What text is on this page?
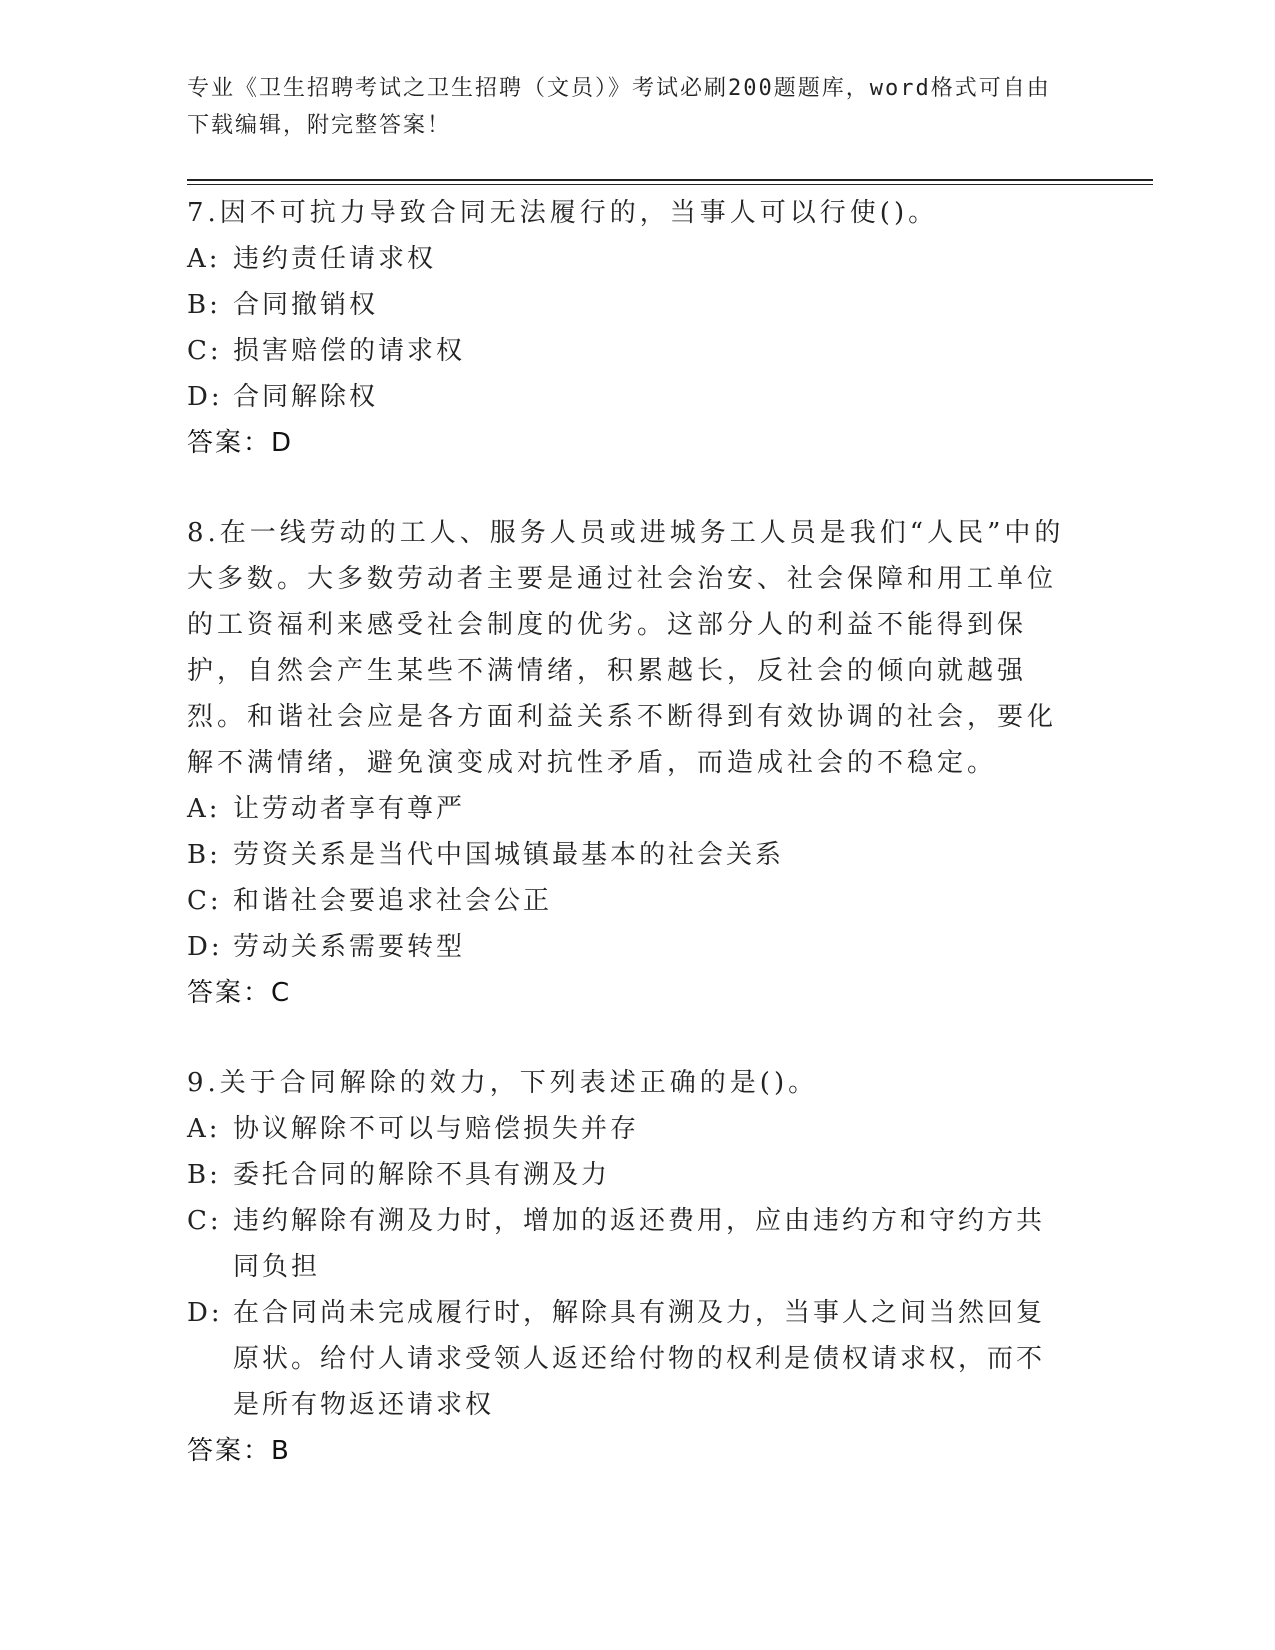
专业《卫生招聘考试之卫生招聘（文员）》考试必刷200题题库，word格式可自由下载编辑，附完整答案！

7.因不可抗力导致合同无法履行的，当事人可以行使()。

A: 违约责任请求权

B: 合同撤销权

C: 损害赔偿的请求权

D: 合同解除权

答案：D

8.在一线劳动的工人、服务人员或进城务工人员是我们“人民”中的大多数。大多数劳动者主要是通过社会治安、社会保障和用工单位的工资福利来感受社会制度的优劣。这部分人的利益不能得到保护，自然会产生某些不满情绪，积累越长，反社会的倾向就越强烈。和谐社会应是各方面利益关系不断得到有效协调的社会，要化解不满情绪，避免演变成对抗性矛盾，而造成社会的不稳定。

A: 让劳动者享有尊严

B: 劳资关系是当代中国城镇最基本的社会关系

C: 和谐社会要追求社会公正

D: 劳动关系需要转型

答案：C

9.关于合同解除的效力，下列表述正确的是()。

A: 协议解除不可以与赔偿损失并存

B: 委托合同的解除不具有溯及力

C: 违约解除有溯及力时，增加的返还费用，应由违约方和守约方共同负担

D: 在合同尚未完成履行时，解除具有溯及力，当事人之间当然回复原状。给付人请求受领人返还给付物的权利是债权请求权，而不是所有物返还请求权

答案：B
